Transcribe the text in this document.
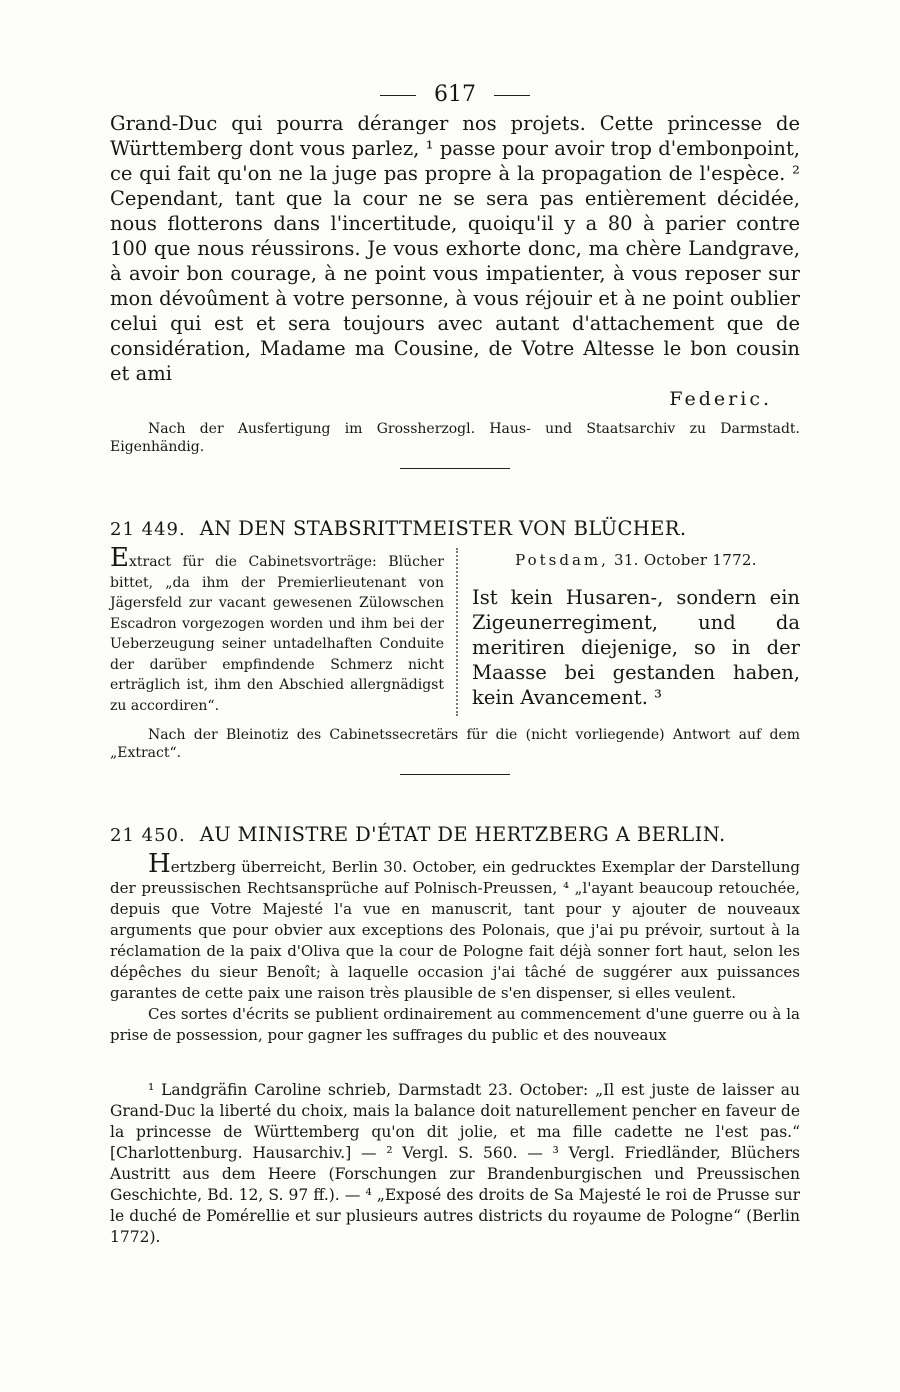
617
Grand-Duc qui pourra déranger nos projets. Cette princesse de Württemberg dont vous parlez, ¹ passe pour avoir trop d'embonpoint, ce qui fait qu'on ne la juge pas propre à la propagation de l'espèce. ² Cependant, tant que la cour ne se sera pas entièrement décidée, nous flotterons dans l'incertitude, quoiqu'il y a 80 à parier contre 100 que nous réussirons. Je vous exhorte donc, ma chère Landgrave, à avoir bon courage, à ne point vous impatienter, à vous reposer sur mon dévoûment à votre personne, à vous réjouir et à ne point oublier celui qui est et sera toujours avec autant d'attachement que de considération, Madame ma Cousine, de Votre Altesse le bon cousin et ami
Federic.
Nach der Ausfertigung im Grossherzogl. Haus- und Staatsarchiv zu Darmstadt. Eigenhändig.
21 449. AN DEN STABSRITTMEISTER VON BLÜCHER.
Extract für die Cabinetsvorträge: Blücher bittet, „da ihm der Premierlieutenant von Jägersfeld zur vacant gewesenen Zülowschen Escadron vorgezogen worden und ihm bei der Ueberzeugung seiner untadelhaften Conduite der darüber empfindende Schmerz nicht erträglich ist, ihm den Abschied allergnädigst zu accordiren“.
Potsdam, 31. October 1772.
Ist kein Husaren-, sondern ein Zigeunerregiment, und da meritiren diejenige, so in der Maasse bei gestanden haben, kein Avancement. ³
Nach der Bleinotiz des Cabinetssecretärs für die (nicht vorliegende) Antwort auf dem „Extract“.
21 450. AU MINISTRE D'ÉTAT DE HERTZBERG A BERLIN.
Hertzberg überreicht, Berlin 30. October, ein gedrucktes Exemplar der Darstellung der preussischen Rechtsansprüche auf Polnisch-Preussen, ⁴ „l'ayant beaucoup retouchée, depuis que Votre Majesté l'a vue en manuscrit, tant pour y ajouter de nouveaux arguments que pour obvier aux exceptions des Polonais, que j'ai pu prévoir, surtout à la réclamation de la paix d'Oliva que la cour de Pologne fait déjà sonner fort haut, selon les dépêches du sieur Benoît; à laquelle occasion j'ai tâché de suggérer aux puissances garantes de cette paix une raison très plausible de s'en dispenser, si elles veulent.
Ces sortes d'écrits se publient ordinairement au commencement d'une guerre ou à la prise de possession, pour gagner les suffrages du public et des nouveaux
¹ Landgräfin Caroline schrieb, Darmstadt 23. October: „Il est juste de laisser au Grand-Duc la liberté du choix, mais la balance doit naturellement pencher en faveur de la princesse de Württemberg qu'on dit jolie, et ma fille cadette ne l'est pas.“ [Charlottenburg. Hausarchiv.] — ² Vergl. S. 560. — ³ Vergl. Friedländer, Blüchers Austritt aus dem Heere (Forschungen zur Brandenburgischen und Preussischen Geschichte, Bd. 12, S. 97 ff.). — ⁴ „Exposé des droits de Sa Majesté le roi de Prusse sur le duché de Pomérellie et sur plusieurs autres districts du royaume de Pologne“ (Berlin 1772).
